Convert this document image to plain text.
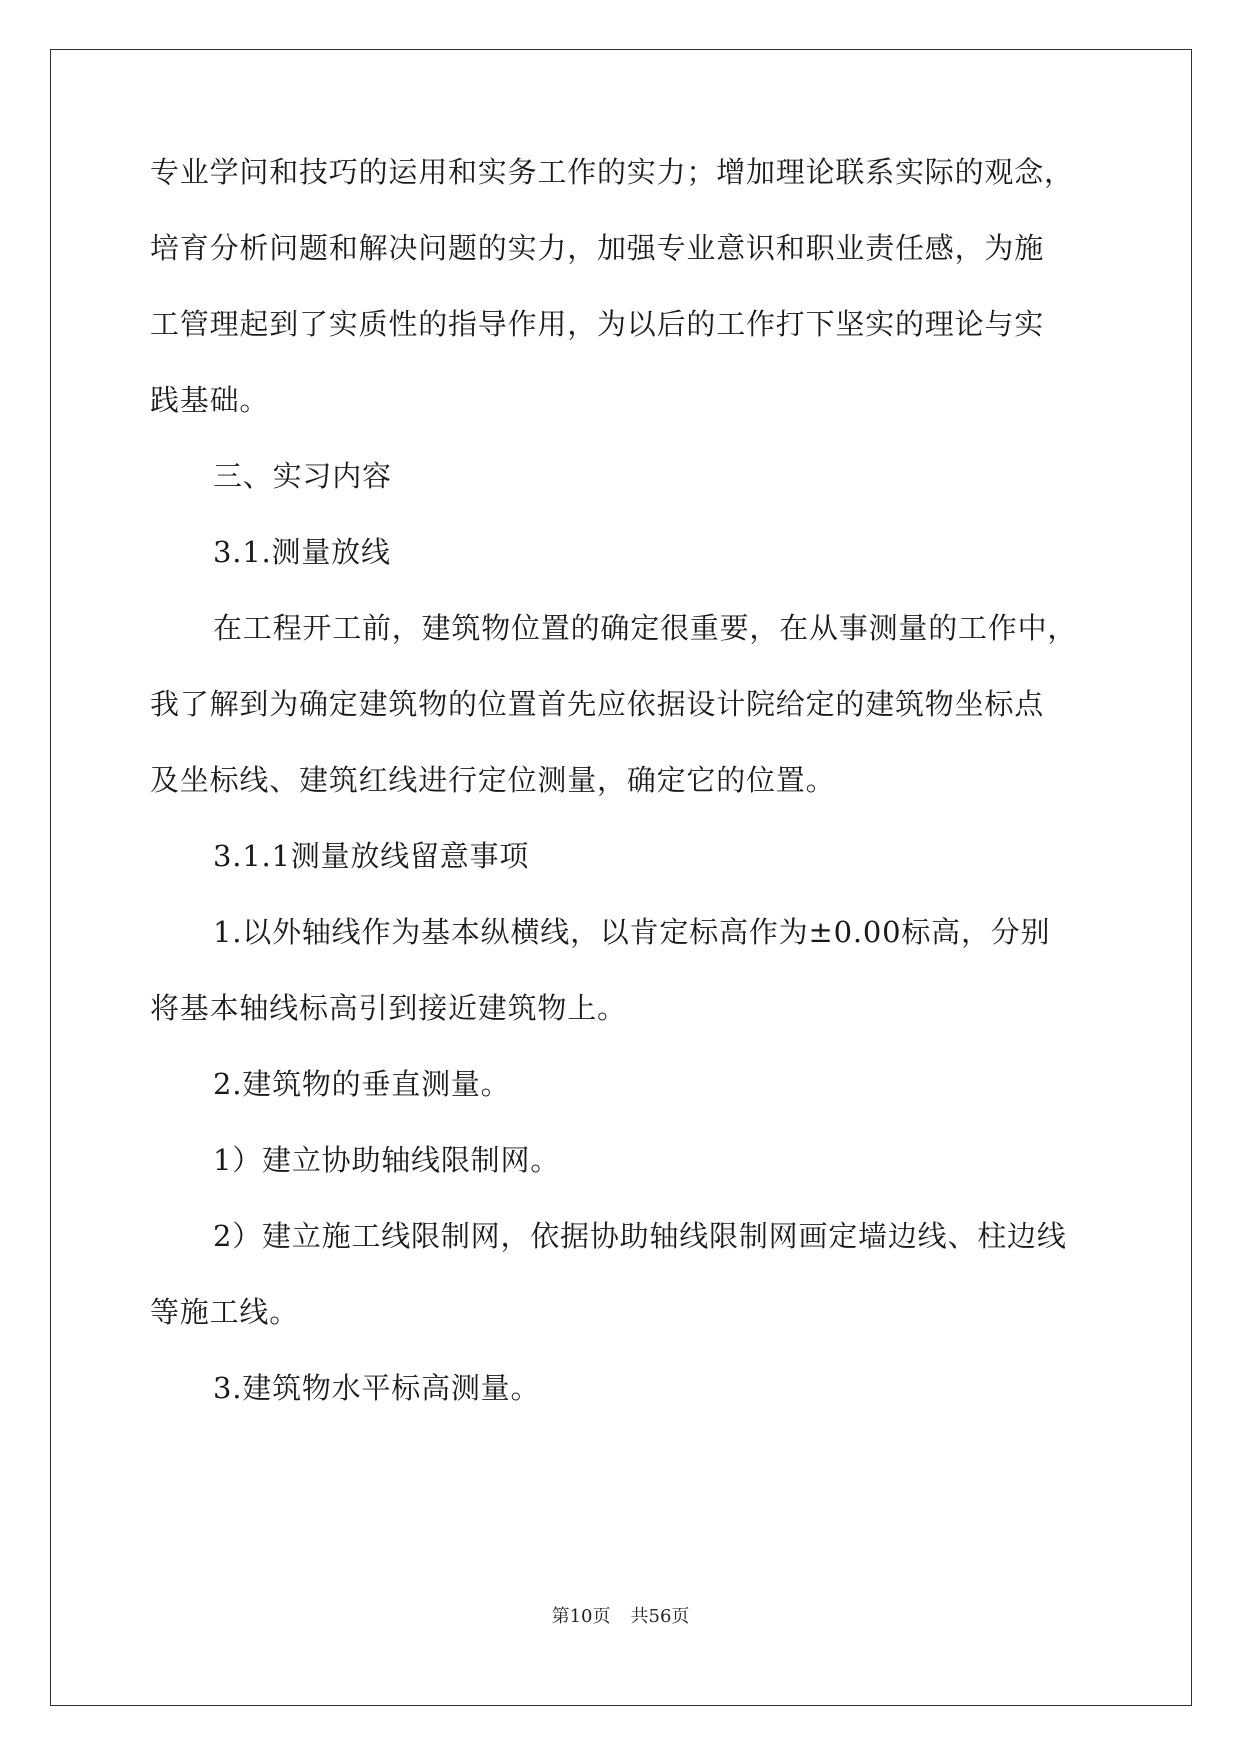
专业学问和技巧的运用和实务工作的实力；增加理论联系实际的观念，
培育分析问题和解决问题的实力，加强专业意识和职业责任感，为施
工管理起到了实质性的指导作用，为以后的工作打下坚实的理论与实
践基础。
三、实习内容
3.1.测量放线
在工程开工前，建筑物位置的确定很重要，在从事测量的工作中，
我了解到为确定建筑物的位置首先应依据设计院给定的建筑物坐标点
及坐标线、建筑红线进行定位测量，确定它的位置。
3.1.1测量放线留意事项
1.以外轴线作为基本纵横线，以肯定标高作为±0.00标高，分别
将基本轴线标高引到接近建筑物上。
2.建筑物的垂直测量。
1）建立协助轴线限制网。
2）建立施工线限制网，依据协助轴线限制网画定墙边线、柱边线
等施工线。
3.建筑物水平标高测量。
第10页 共56页
